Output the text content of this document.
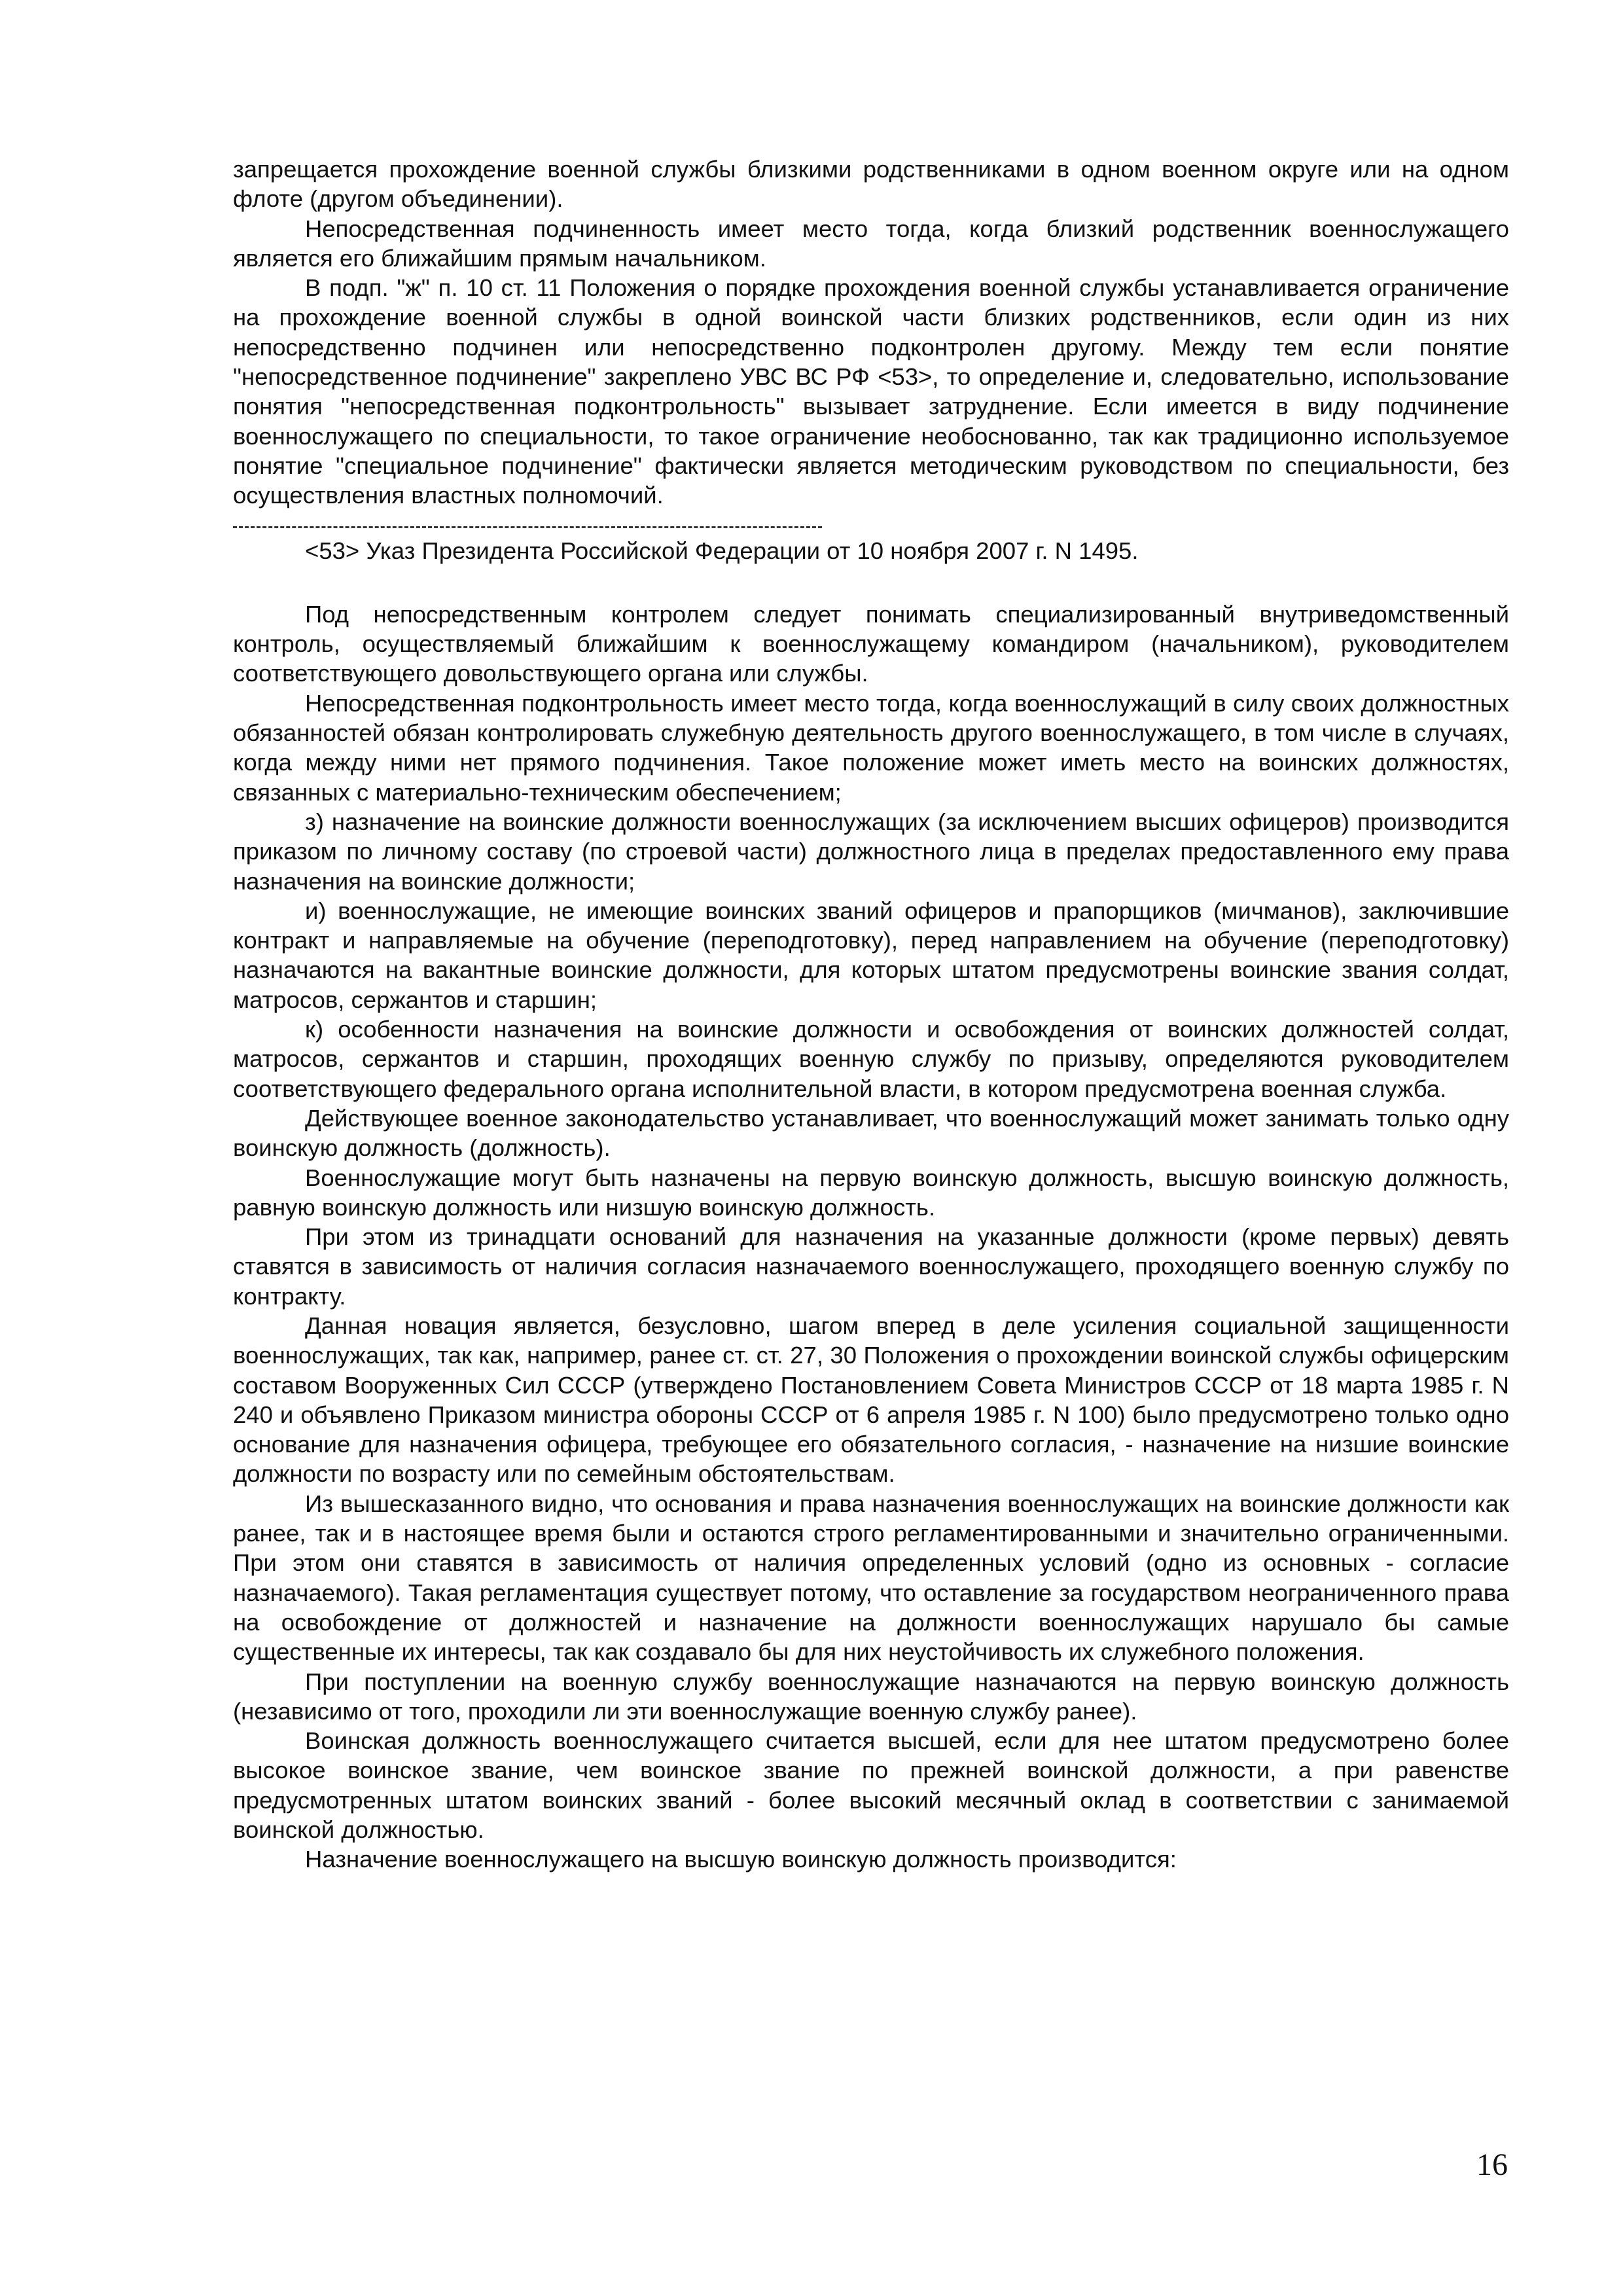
запрещается прохождение военной службы близкими родственниками в одном военном округе или на одном флоте (другом объединении).

Непосредственная подчиненность имеет место тогда, когда близкий родственник военнослужащего является его ближайшим прямым начальником.

В подп. "ж" п. 10 ст. 11 Положения о порядке прохождения военной службы устанавливается ограничение на прохождение военной службы в одной воинской части близких родственников, если один из них непосредственно подчинен или непосредственно подконтролен другому. Между тем если понятие "непосредственное подчинение" закреплено УВС ВС РФ <53>, то определение и, следовательно, использование понятия "непосредственная подконтрольность" вызывает затруднение. Если имеется в виду подчинение военнослужащего по специальности, то такое ограничение необоснованно, так как традиционно используемое понятие "специальное подчинение" фактически является методическим руководством по специальности, без осуществления властных полномочий.

<53> Указ Президента Российской Федерации от 10 ноября 2007 г. N 1495.

Под непосредственным контролем следует понимать специализированный внутриведомственный контроль, осуществляемый ближайшим к военнослужащему командиром (начальником), руководителем соответствующего довольствующего органа или службы.

Непосредственная подконтрольность имеет место тогда, когда военнослужащий в силу своих должностных обязанностей обязан контролировать служебную деятельность другого военнослужащего, в том числе в случаях, когда между ними нет прямого подчинения. Такое положение может иметь место на воинских должностях, связанных с материально-техническим обеспечением;

з) назначение на воинские должности военнослужащих (за исключением высших офицеров) производится приказом по личному составу (по строевой части) должностного лица в пределах предоставленного ему права назначения на воинские должности;

и) военнослужащие, не имеющие воинских званий офицеров и прапорщиков (мичманов), заключившие контракт и направляемые на обучение (переподготовку), перед направлением на обучение (переподготовку) назначаются на вакантные воинские должности, для которых штатом предусмотрены воинские звания солдат, матросов, сержантов и старшин;

к) особенности назначения на воинские должности и освобождения от воинских должностей солдат, матросов, сержантов и старшин, проходящих военную службу по призыву, определяются руководителем соответствующего федерального органа исполнительной власти, в котором предусмотрена военная служба.

Действующее военное законодательство устанавливает, что военнослужащий может занимать только одну воинскую должность (должность).

Военнослужащие могут быть назначены на первую воинскую должность, высшую воинскую должность, равную воинскую должность или низшую воинскую должность.

При этом из тринадцати оснований для назначения на указанные должности (кроме первых) девять ставятся в зависимость от наличия согласия назначаемого военнослужащего, проходящего военную службу по контракту.

Данная новация является, безусловно, шагом вперед в деле усиления социальной защищенности военнослужащих, так как, например, ранее ст. ст. 27, 30 Положения о прохождении воинской службы офицерским составом Вооруженных Сил СССР (утверждено Постановлением Совета Министров СССР от 18 марта 1985 г. N 240 и объявлено Приказом министра обороны СССР от 6 апреля 1985 г. N 100) было предусмотрено только одно основание для назначения офицера, требующее его обязательного согласия, - назначение на низшие воинские должности по возрасту или по семейным обстоятельствам.

Из вышесказанного видно, что основания и права назначения военнослужащих на воинские должности как ранее, так и в настоящее время были и остаются строго регламентированными и значительно ограниченными. При этом они ставятся в зависимость от наличия определенных условий (одно из основных - согласие назначаемого). Такая регламентация существует потому, что оставление за государством неограниченного права на освобождение от должностей и назначение на должности военнослужащих нарушало бы самые существенные их интересы, так как создавало бы для них неустойчивость их служебного положения.

При поступлении на военную службу военнослужащие назначаются на первую воинскую должность (независимо от того, проходили ли эти военнослужащие военную службу ранее).

Воинская должность военнослужащего считается высшей, если для нее штатом предусмотрено более высокое воинское звание, чем воинское звание по прежней воинской должности, а при равенстве предусмотренных штатом воинских званий - более высокий месячный оклад в соответствии с занимаемой воинской должностью.

Назначение военнослужащего на высшую воинскую должность производится:

16
